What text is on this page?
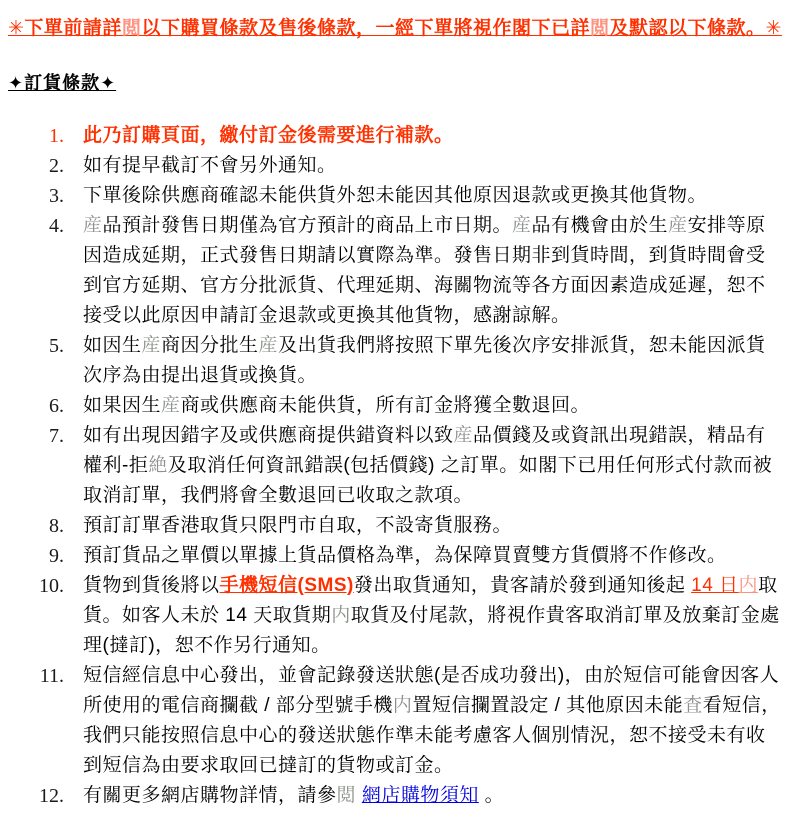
✳下單前請詳閲以下購買條款及售後條款，一經下單將視作閣下已詳閲及默認以下條款。✳
✦訂貨條款✦
1. 此乃訂購頁面，繳付訂金後需要進行補款。
2. 如有提早截訂不會另外通知。
3. 下單後除供應商確認未能供貨外恕未能因其他原因退款或更換其他貨物。
4. 産品預計發售日期僅為官方預計的商品上市日期。産品有機會由於生産安排等原因造成延期，正式發售日期請以實際為準。發售日期非到貨時間，到貨時間會受到官方延期、官方分批派貨、代理延期、海關物流等各方面因素造成延遲，恕不接受以此原因申請訂金退款或更換其他貨物，感謝諒解。
5. 如因生産商因分批生産及出貨我們將按照下單先後次序安排派貨，恕未能因派貨次序為由提出退貨或換貨。
6. 如果因生産商或供應商未能供貨，所有訂金將獲全數退回。
7. 如有出現因錯字及或供應商提供錯資料以致産品價錢及或資訊出現錯誤，精品有權利-拒絶及取消任何資訊錯誤(包括價錢) 之訂單。如閣下已用任何形式付款而被取消訂單，我們將會全數退回已收取之款項。
8. 預訂訂單香港取貨只限門市自取，不設寄貨服務。
9. 預訂貨品之單價以單據上貨品價格為準，為保障買賣雙方貨價將不作修改。
10. 貨物到貨後將以手機短信(SMS)發出取貨通知，貴客請於發到通知後起 14 日内取貨。如客人未於 14 天取貨期内取貨及付尾款，將視作貴客取消訂單及放棄訂金處理(撻訂)，恕不作另行通知。
11. 短信經信息中心發出，並會記錄發送狀態(是否成功發出)，由於短信可能會因客人所使用的電信商攔截 / 部分型號手機内置短信攔置設定 / 其他原因未能査看短信，我們只能按照信息中心的發送狀態作準未能考慮客人個別情況，恕不接受未有收到短信為由要求取回已撻訂的貨物或訂金。
12. 有關更多網店購物詳情，請參閲 網店購物須知 。
